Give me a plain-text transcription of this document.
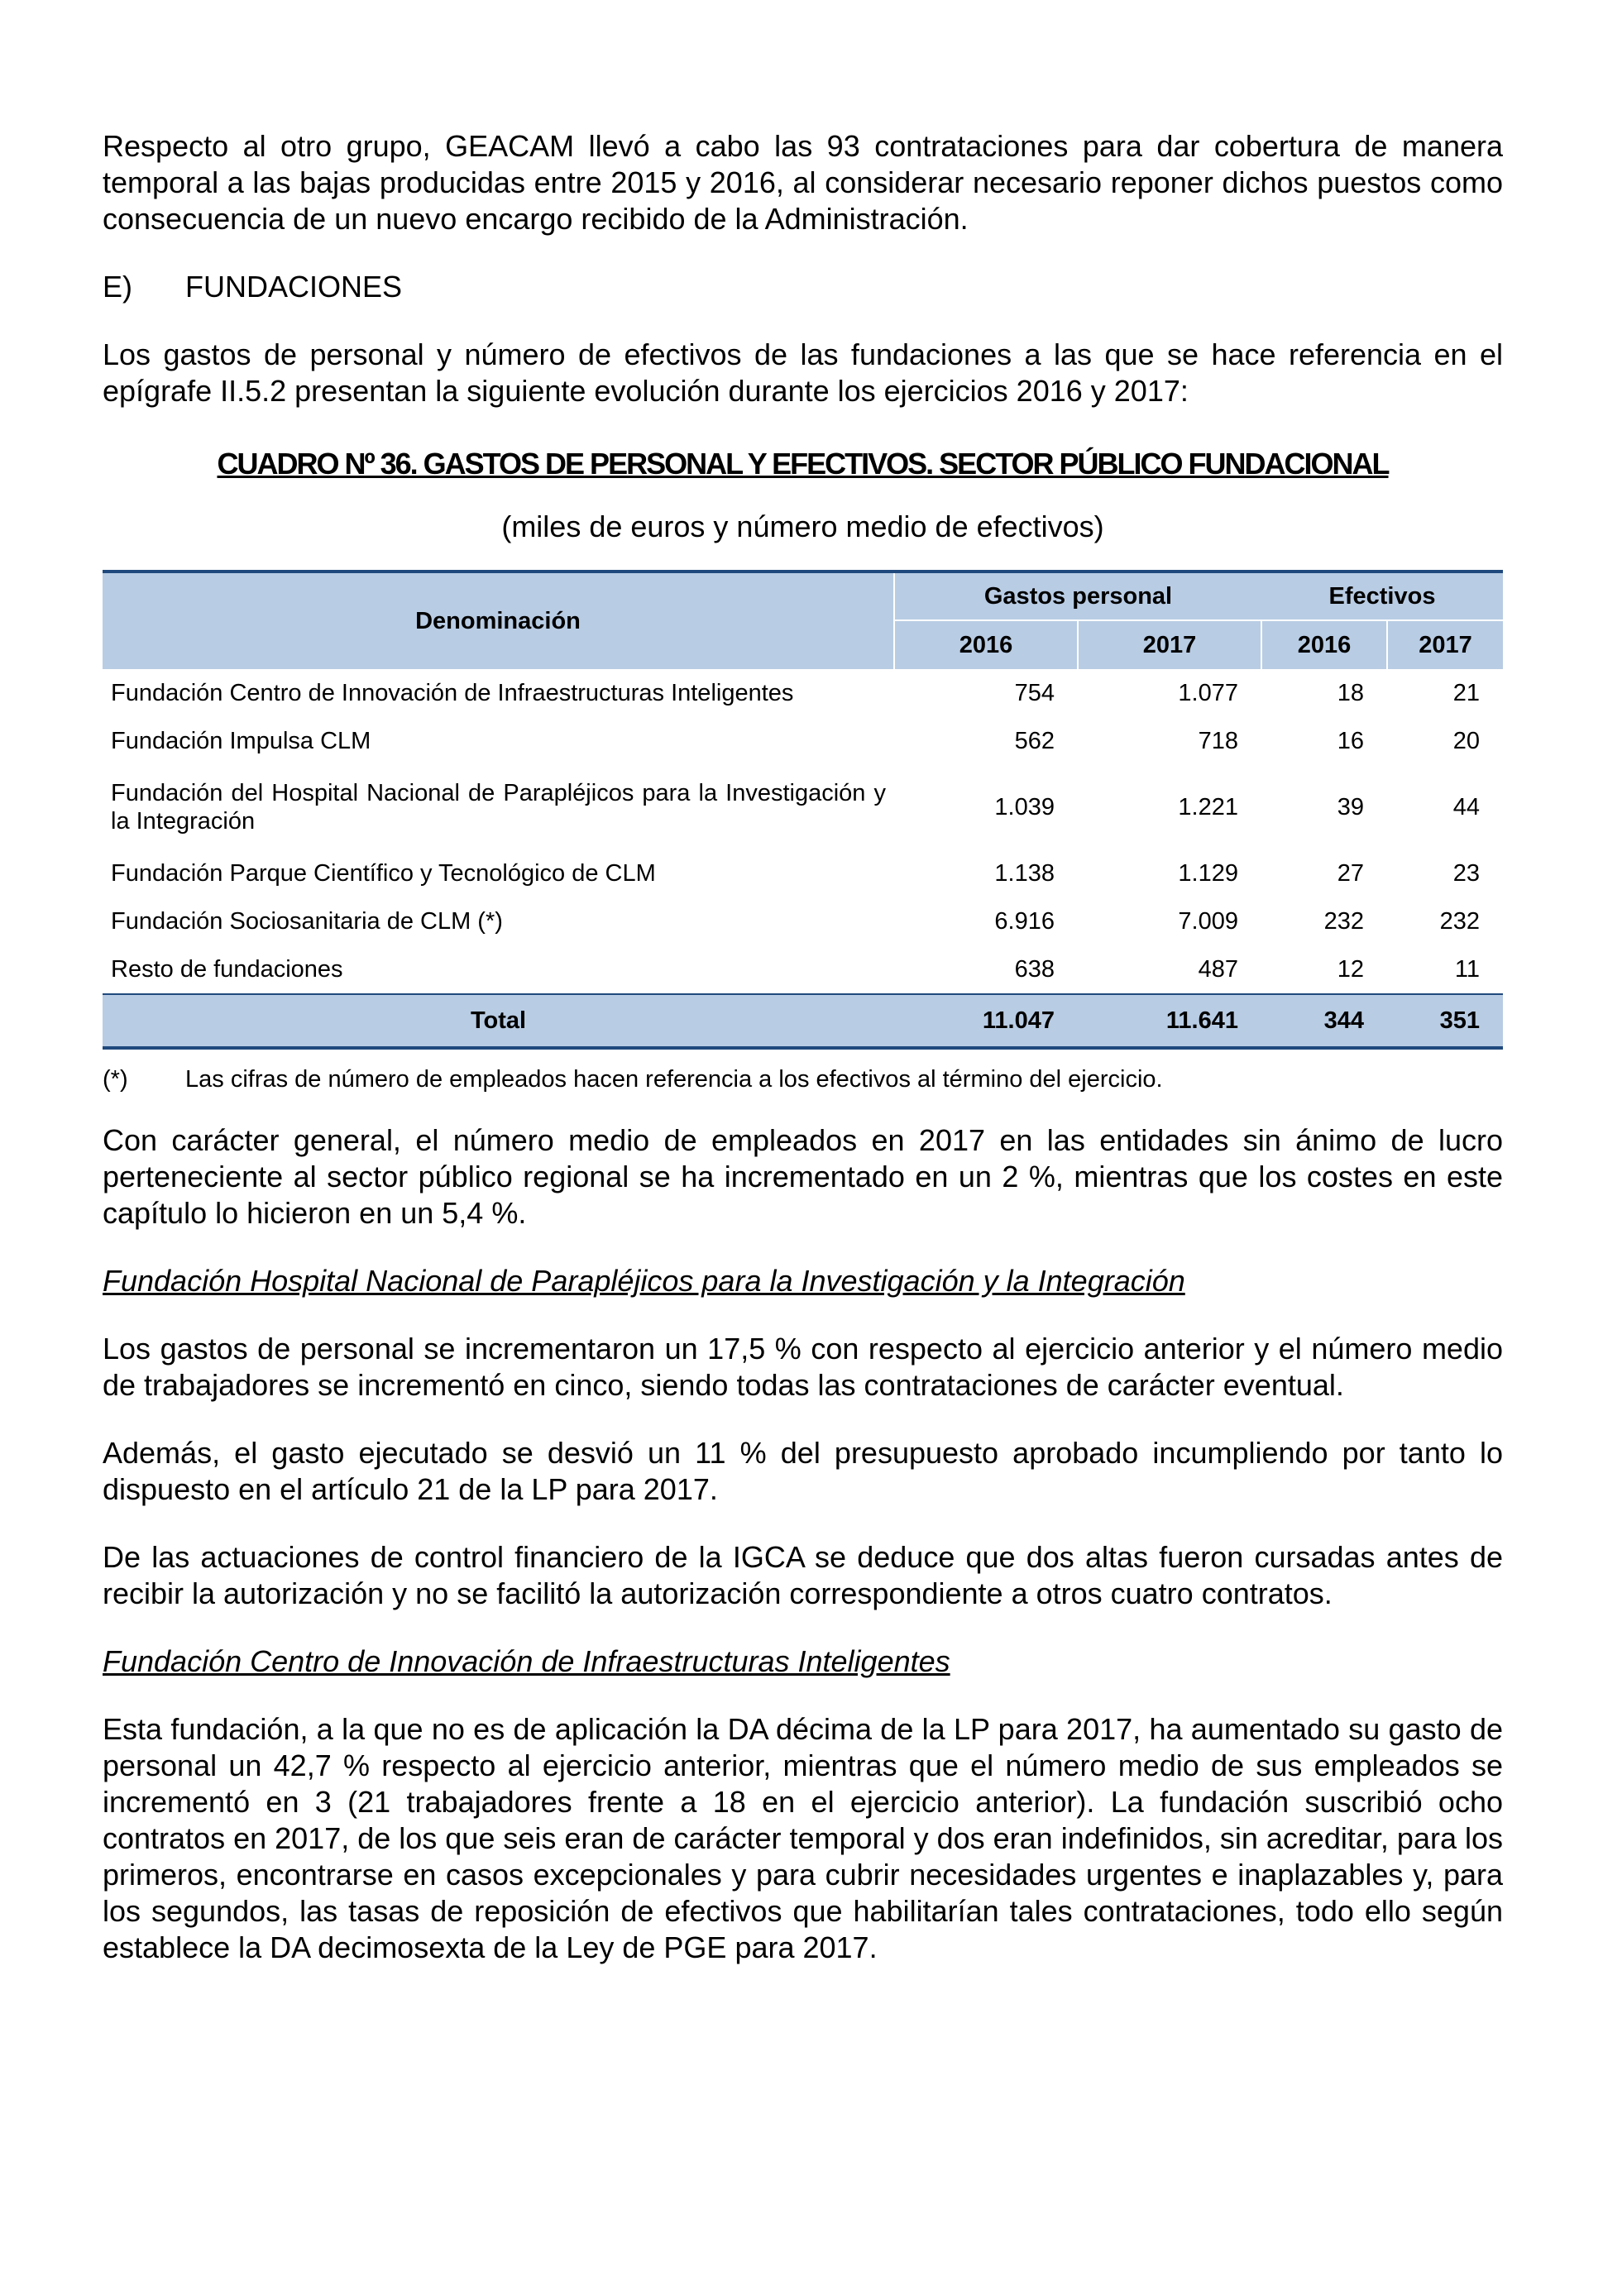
Respecto al otro grupo, GEACAM llevó a cabo las 93 contrataciones para dar cobertura de manera temporal a las bajas producidas entre 2015 y 2016, al considerar necesario reponer dichos puestos como consecuencia de un nuevo encargo recibido de la Administración.

E)	FUNDACIONES

Los gastos de personal y número de efectivos de las fundaciones a las que se hace referencia en el epígrafe II.5.2 presentan la siguiente evolución durante los ejercicios 2016 y 2017:

CUADRO Nº 36. GASTOS DE PERSONAL Y EFECTIVOS. SECTOR PÚBLICO FUNDACIONAL
(miles de euros y número medio de efectivos)
Denominación	Gastos personal		Efectivos	
	2016	2017	2016	2017
Fundación Centro de Innovación de Infraestructuras Inteligentes	754	1.077	18	21
Fundación Impulsa CLM	562	718	16	20
Fundación del Hospital Nacional de Parapléjicos para la Investigación y la Integración	1.039	1.221	39	44
Fundación Parque Científico y Tecnológico de CLM	1.138	1.129	27	23
Fundación Sociosanitaria de CLM (*)	6.916	7.009	232	232
Resto de fundaciones	638	487	12	11
Total	11.047	11.641	344	351
(*)	Las cifras de número de empleados hacen referencia a los efectivos al término del ejercicio.

Con carácter general, el número medio de empleados en 2017 en las entidades sin ánimo de lucro perteneciente al sector público regional se ha incrementado en un 2 %, mientras que los costes en este capítulo lo hicieron en un 5,4 %.

Fundación Hospital Nacional de Parapléjicos para la Investigación y la Integración

Los gastos de personal se incrementaron un 17,5 % con respecto al ejercicio anterior y el número medio de trabajadores se incrementó en cinco, siendo todas las contrataciones de carácter eventual.

Además, el gasto ejecutado se desvió un 11 % del presupuesto aprobado incumpliendo por tanto lo dispuesto en el artículo 21 de la LP para 2017.

De las actuaciones de control financiero de la IGCA se deduce que dos altas fueron cursadas antes de recibir la autorización y no se facilitó la autorización correspondiente a otros cuatro contratos.

Fundación Centro de Innovación de Infraestructuras Inteligentes

Esta fundación, a la que no es de aplicación la DA décima de la LP para 2017, ha aumentado su gasto de personal un 42,7 % respecto al ejercicio anterior, mientras que el número medio de sus empleados se incrementó en 3 (21 trabajadores frente a 18 en el ejercicio anterior). La fundación suscribió ocho contratos en 2017, de los que seis eran de carácter temporal y dos eran indefinidos, sin acreditar, para los primeros, encontrarse en casos excepcionales y para cubrir necesidades urgentes e inaplazables y, para los segundos, las tasas de reposición de efectivos que habilitarían tales contrataciones, todo ello según establece la DA decimosexta de la Ley de PGE para 2017.
